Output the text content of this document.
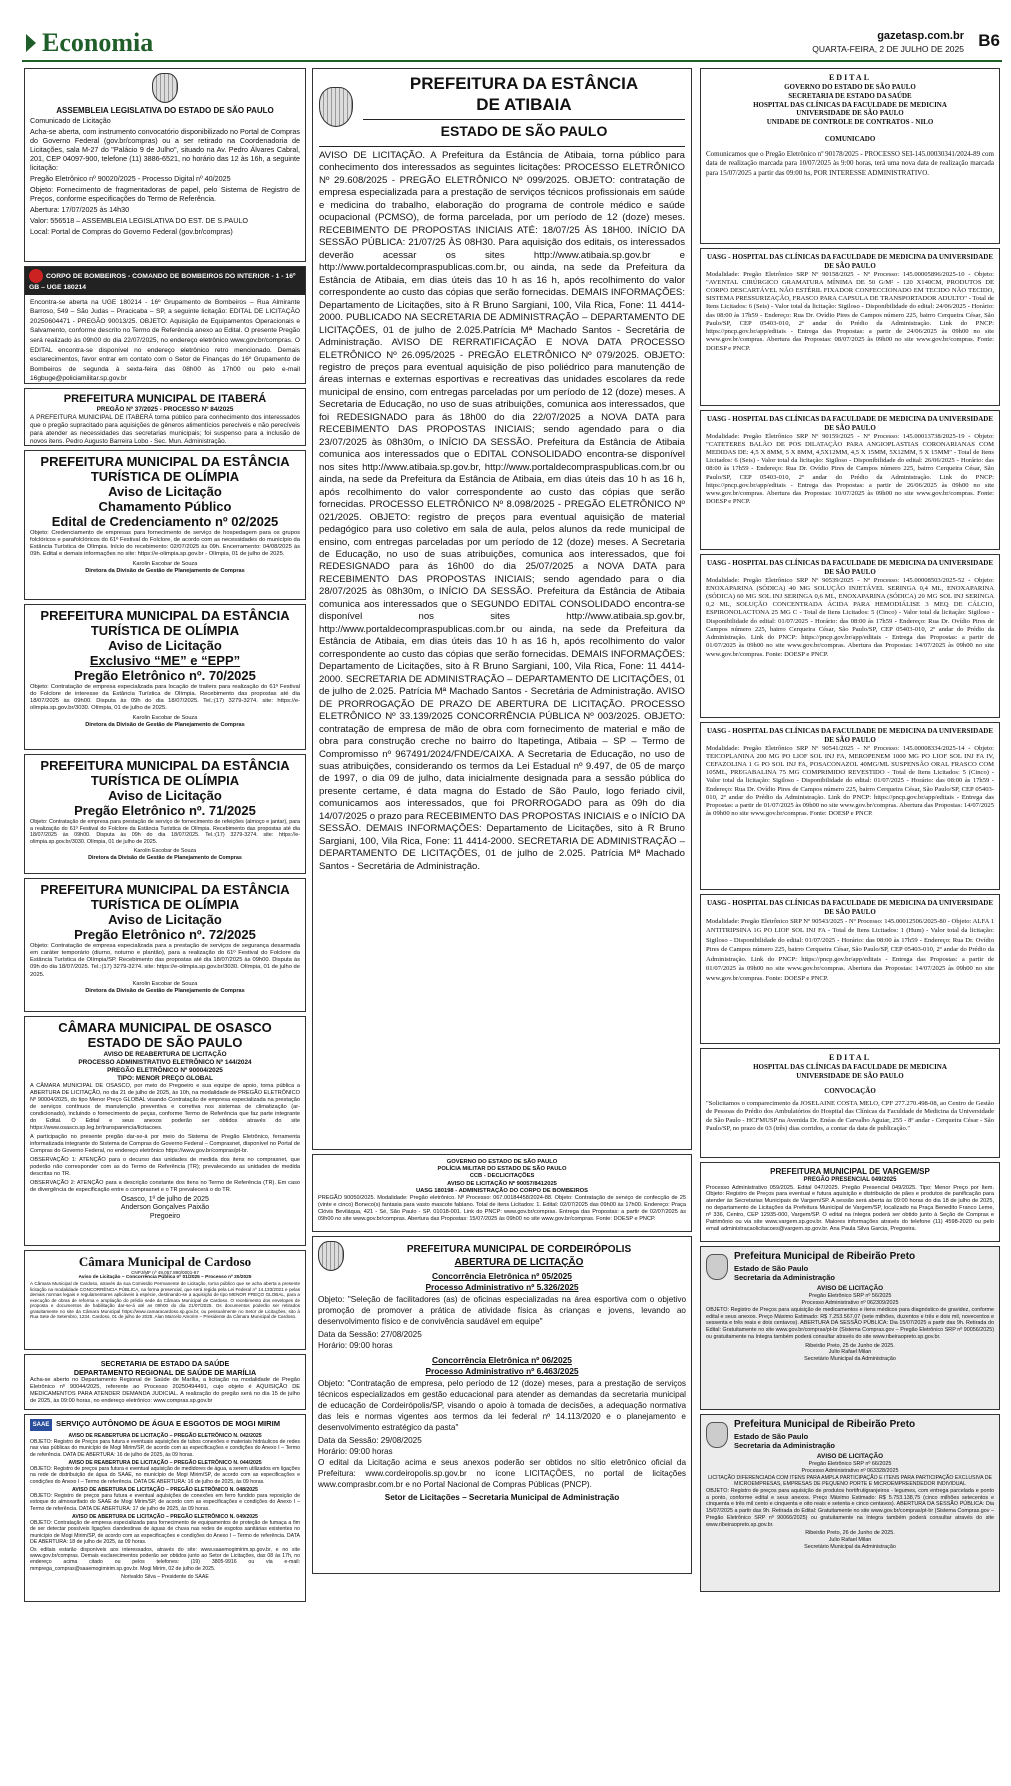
Economia	gazetasp.com.br
QUARTA-FEIRA, 2 DE JULHO DE 2025 B6
ASSEMBLEIA LEGISLATIVA DO ESTADO DE SÃO PAULO

Comunicado de Licitação

Acha-se aberta, com instrumento convocatório disponibilizado no Portal de Compras do Governo Federal (gov.br/compras) ou a ser retirado na Coordenadoria de Licitações, sala M-27 do "Palácio 9 de Julho", situado na Av. Pedro Álvares Cabral, 201, CEP 04097-900, telefone (11) 3886-6521, no horário das 12 às 16h, a seguinte licitação:

Pregão Eletrônico nº 90020/2025 - Processo Digital nº 40/2025

Objeto: Fornecimento de fragmentadoras de papel, pelo Sistema de Registro de Preços, conforme especificações do Termo de Referência.

Abertura: 17/07/2025 às 14h30

Valor: 556518 – ASSEMBLEIA LEGISLATIVA DO EST. DE S.PAULO

Local: Portal de Compras do Governo Federal (gov.br/compras)

CORPO DE BOMBEIROS - COMANDO DE BOMBEIROS DO INTERIOR - 1 - 16º GB – UGE 180214

Encontra-se aberta na UGE 180214 - 16º Grupamento de Bombeiros – Rua Almirante Barroso, 549 – São Judas – Piracicaba – SP, a seguinte licitação: EDITAL DE LICITAÇÃO 20250604471 - PREGÃO 90013/25. OBJETO: Aquisição de Equipamentos Operacionais e Salvamento, conforme descrito no Termo de Referência anexo ao Edital. O presente Pregão será realizado às 09h00 do dia 22/07/2025, no endereço eletrônico www.gov.br/compras. O EDITAL encontra-se disponível no endereço eletrônico retro mencionado. Demais esclarecimentos, favor entrar em contato com o Setor de Finanças do 16º Grupamento de Bombeiros de segunda à sexta-feira das 08h00 às 17h00 ou pelo e-mail 16gbuge@policiamilitar.sp.gov.br

PREFEITURA MUNICIPAL DE ITABERÁ
PREGÃO Nº 37/2025 - PROCESSO Nº 84/2025

A PREFEITURA MUNICIPAL DE ITABERÁ torna público para conhecimento dos interessados que o pregão supracitado para aquisições de gêneros alimentícios perecíveis e não perecíveis para atender as necessidades das secretarias municipais; foi suspenso para a inclusão de novos itens. Pedro Augusto Barreira Lobo - Sec. Mun. Administração.

PREFEITURA MUNICIPAL DA ESTÂNCIA TURÍSTICA DE OLÍMPIA
Aviso de Licitação
Chamamento Público
Edital de Credenciamento nº 02/2025

Objeto: Credenciamento de empresas para fornecimento de serviço de hospedagem para os grupos folclóricos e parafolclóricos do 61º Festival do Folclore, de acordo com as necessidades do município da Estância Turística de Olímpia. Início do recebimento: 02/07/2025 às 09h. Encerramento: 04/08/2025 às 09h. Edital e demais informações no site: https://e-olimpia.sp.gov.br - Olímpia, 01 de julho de 2025.

Karolin Escobar de Souza
Diretora da Divisão de Gestão de Planejamento de Compras
PREFEITURA MUNICIPAL DA ESTÂNCIA TURÍSTICA DE OLÍMPIA
Aviso de Licitação
Exclusivo “ME” e “EPP”
Pregão Eletrônico nº. 70/2025

Objeto: Contratação de empresa especializada para locação de trailers para realização do 61º Festival do Folclore de interesse da Estância Turística de Olímpia. Recebimento das propostas até dia 18/07/2025 às 09h00. Disputa às 09h do dia 18/07/2025. Tel.:(17) 3279-3274. site: https://e-olimpia.sp.gov.br/3030. Olímpia, 01 de julho de 2025.

Karolin Escobar de Souza
Diretora da Divisão de Gestão de Planejamento de Compras
PREFEITURA MUNICIPAL DA ESTÂNCIA TURÍSTICA DE OLÍMPIA
Aviso de Licitação
Pregão Eletrônico nº. 71/2025

Objeto: Contratação de empresa para prestação de serviço de fornecimento de refeições (almoço e jantar), para a realização do 61º Festival do Folclore da Estância Turística de Olímpia. Recebimento das propostas até dia 18/07/2025 às 09h00. Disputa às 09h do dia 18/07/2025. Tel.:(17) 3279-3274. site: https://e-olimpia.sp.gov.br/3030. Olímpia, 01 de julho de 2025.

Karolin Escobar de Souza
Diretora da Divisão de Gestão de Planejamento de Compras
PREFEITURA MUNICIPAL DA ESTÂNCIA TURÍSTICA DE OLÍMPIA
Aviso de Licitação
Pregão Eletrônico nº. 72/2025

Objeto: Contratação de empresa especializada para a prestação de serviços de segurança desarmada em caráter temporário (diurno, noturno e plantão), para a realização do 61º Festival do Folclore da Estância Turística de Olímpia/SP. Recebimento das propostas até dia 18/07/2025 às 09h00. Disputa às 09h do dia 18/07/2025. Tel.:(17) 3279-3274. site: https://e-olimpia.sp.gov.br/3030. Olímpia, 01 de julho de 2025.

Karolin Escobar de Souza
Diretora da Divisão de Gestão de Planejamento de Compras
CÂMARA MUNICIPAL DE OSASCO
ESTADO DE SÃO PAULO
AVISO DE REABERTURA DE LICITAÇÃO
PROCESSO ADMINISTRATIVO ELETRÔNICO Nº 144/2024
PREGÃO ELETRÔNICO Nº 90004/2025
TIPO: MENOR PREÇO GLOBAL

A CÂMARA MUNICIPAL DE OSASCO, por meio do Pregoeiro e sua equipe de apoio, torna pública a ABERTURA DE LICITAÇÃO, no dia 21 de julho de 2025, às 10h, na modalidade de PREGÃO ELETRÔNICO Nº 90004/2025, do tipo Menor Preço GLOBAL visando Contratação de empresa especializada na prestação de serviços contínuos de manutenção preventiva e corretiva nos sistemas de climatização (ar-condicionado), incluindo o fornecimento de peças, conforme Termo de Referência que faz parte integrante do Edital. O Edital e seus anexos poderão ser obtidos através do site https://www.osasco.sp.leg.br/transparencia/licitacoes.

A participação no presente pregão dar-se-á por meio do Sistema de Pregão Eletrônico, ferramenta informatizada integrante do Sistema de Compras do Governo Federal – Comprasnet, disponível no Portal de Compras do Governo Federal, no endereço eletrônico https://www.gov.br/compras/pt-br.

OBSERVAÇÃO 1: ATENÇÃO para o decurso das unidades de medida dos itens no comprasnet, que poderão não corresponder com as do Termo de Referência (TR); prevalecendo as unidades de medida descritas no TR.

OBSERVAÇÃO 2: ATENÇÃO para a descrição constante dos itens no Termo de Referência (TR). Em caso de divergência de especificação entre o comprasnet e o TR prevalecerá o do TR.

Osasco, 1º de julho de 2025
Anderson Gonçalves Paixão
Pregoeiro
Câmara Municipal de Cardoso
CNPJ/MF nº 49.057.890/0001-67
Aviso de Licitação – Concorrência Pública nº 01/2025 – Processo nº 20/2025

A Câmara Municipal de Cardoso, através da sua Comissão Permanente de Licitação, torna público que se acha aberta a presente licitação na modalidade CONCORRÊNCIA PÚBLICA, na forma presencial, que será regida pela Lei Federal nº 14.133/2021 e pelas demais normas legais e regulamentares aplicáveis à espécie, destinando-se a aquisição de tipo MENOR PREÇO GLOBAL, para a execução de obras de reforma e ampliação do prédio sede da Câmara Municipal de Cardoso. O recebimento dos envelopes de proposta e documentos de habilitação dar-se-á até as 09h00 do dia 21/07/2025. Os documentos poderão ser retirados gratuitamente no site da Câmara Municipal https://www.camaracardoso.sp.gov.br, ou pessoalmente no Setor de Licitações, sito à Rua Sete de Setembro, 1234. Cardoso, 01 de julho de 2025. Alan Marcelo Amorim – Presidente da Câmara Municipal de Cardoso.

SECRETARIA DE ESTADO DA SAÚDE
DEPARTAMENTO REGIONAL DE SAÚDE DE MARÍLIA

Acha-se aberto no Departamento Regional de Saúde de Marília, a licitação na modalidade de Pregão Eletrônico nº 90044/2025, referente ao Processo 20250494491, cujo objeto é AQUISIÇÃO DE MEDICAMENTOS PARA ATENDER DEMANDA JUDICIAL. A realização do pregão será no dia 15 de julho de 2025, às 09:00 horas, no endereço eletrônico: www.compras.sp.gov.br

SAAE SERVIÇO AUTÔNOMO DE ÁGUA E ESGOTOS DE MOGI MIRIM
AVISO DE REABERTURA DE LICITAÇÃO – PREGÃO ELETRÔNICO N. 042/2025

OBJETO: Registro de Preços para futura e eventuais aquisições de tubos conexões e materiais hidráulicos de redes nas vias públicas do município de Mogi Mirim/SP, de acordo com as especificações e condições do Anexo I – Termo de referência. DATA DE ABERTURA: 16 de julho de 2025, às 09 horas.

AVISO DE REABERTURA DE LICITAÇÃO – PREGÃO ELETRÔNICO N. 044/2025

OBJETO: Registro de preços para futura e eventual aquisição de medidores de água, a serem utilizados em ligações na rede de distribuição de água do SAAE, no município de Mogi Mirim/SP, de acordo com as especificações e condições do Anexo I – Termo de referência. DATA DE ABERTURA: 16 de julho de 2025, às 09 horas.

AVISO DE ABERTURA DE LICITAÇÃO – PREGÃO ELETRÔNICO N. 048/2025

OBJETO: Registro de preços para futura e eventual aquisições de conexões em ferro fundido para reposição de estoque do almoxarifado do SAAE de Mogi Mirim/SP, de acordo com as especificações e condições do Anexo I – Termo de referência. DATA DE ABERTURA: 17 de julho de 2025, às 09 horas.

AVISO DE ABERTURA DE LICITAÇÃO – PREGÃO ELETRÔNICO N. 049/2025

OBJETO: Contratação de empresa especializada para fornecimento de equipamentos de proteção de fumaça a fim de ser detectar possíveis ligações clandestinas de águas de chuva nas redes de esgotos sanitárias existentes no município de Mogi Mirim/SP, de acordo com as especificações e condições do Anexo I – Termo de referência. DATA DE ABERTURA: 18 de julho de 2025, às 09 horas.

Os editais estarão disponíveis aos interessados, através do site: www.saaemogimirim.sp.gov.br, e no site www.gov.br/compras. Demais esclarecimentos poderão ser obtidos junto ao Setor de Licitações, das 08 às 17h, no endereço acima citado ou pelos telefones: (19) 3805-9916 ou via e-mail: mmprega_compras@saaemogimirim.sp.gov.br. Mogi Mirim, 02 de julho de 2025.

Norivaldo Silva – Presidente do SAAE
PREFEITURA DA ESTÂNCIA
DE ATIBAIA
ESTADO DE SÃO PAULO

AVISO DE LICITAÇÃO. A Prefeitura da Estância de Atibaia, torna público para conhecimento dos interessados as seguintes licitações: PROCESSO ELETRÔNICO Nº 29.608/2025 - PREGÃO ELETRÔNICO Nº 099/2025. OBJETO: contratação de empresa especializada para a prestação de serviços técnicos profissionais em saúde e medicina do trabalho, elaboração do programa de controle médico e saúde ocupacional (PCMSO), de forma parcelada, por um período de 12 (doze) meses. RECEBIMENTO DE PROPOSTAS INICIAIS ATÉ: 18/07/25 ÀS 18H00. INÍCIO DA SESSÃO PÚBLICA: 21/07/25 ÀS 08H30. Para aquisição dos editais, os interessados deverão acessar os sites http://www.atibaia.sp.gov.br e http://www.portaldecompraspublicas.com.br, ou ainda, na sede da Prefeitura da Estância de Atibaia, em dias úteis das 10 h as 16 h, após recolhimento do valor correspondente ao custo das cópias que serão fornecidas. DEMAIS INFORMAÇÕES: Departamento de Licitações, sito à R Bruno Sargiani, 100, Vila Rica, Fone: 11 4414-2000. PUBLICADO NA SECRETARIA DE ADMINISTRAÇÃO – DEPARTAMENTO DE LICITAÇÕES, 01 de julho de 2.025.Patrícia Mª Machado Santos - Secretária de Administração. AVISO DE RERRATIFICAÇÃO E NOVA DATA PROCESSO ELETRÔNICO Nº 26.095/2025 - PREGÃO ELETRÔNICO Nº 079/2025. OBJETO: registro de preços para eventual aquisição de piso poliédrico para manutenção de áreas internas e externas esportivas e recreativas das unidades escolares da rede municipal de ensino, com entregas parceladas por um período de 12 (doze) meses. A Secretaria de Educação, no uso de suas atribuições, comunica aos interessados, que foi REDESIGNADO para ás 18h00 do dia 22/07/2025 a NOVA DATA para RECEBIMENTO DAS PROPOSTAS INICIAIS; sendo agendado para o dia 23/07/2025 às 08h30m, o INÍCIO DA SESSÃO. Prefeitura da Estância de Atibaia comunica aos interessados que o EDITAL CONSOLIDADO encontra-se disponível nos sites http://www.atibaia.sp.gov.br, http://www.portaldecompraspublicas.com.br ou ainda, na sede da Prefeitura da Estância de Atibaia, em dias úteis das 10 h as 16 h, após recolhimento do valor correspondente ao custo das cópias que serão fornecidas. PROCESSO ELETRÔNICO Nº 8.098/2025 - PREGÃO ELETRÔNICO Nº 021/2025. OBJETO: registro de preços para eventual aquisição de material pedagógico para uso coletivo em sala de aula, pelos alunos da rede municipal de ensino, com entregas parceladas por um período de 12 (doze) meses. A Secretaria de Educação, no uso de suas atribuições, comunica aos interessados, que foi REDESIGNADO para ás 16h00 do dia 25/07/2025 a NOVA DATA para RECEBIMENTO DAS PROPOSTAS INICIAIS; sendo agendado para o dia 28/07/2025 às 08h30m, o INÍCIO DA SESSÃO. Prefeitura da Estância de Atibaia comunica aos interessados que o SEGUNDO EDITAL CONSOLIDADO encontra-se disponível nos sites http://www.atibaia.sp.gov.br, http://www.portaldecompraspublicas.com.br ou ainda, na sede da Prefeitura da Estância de Atibaia, em dias úteis das 10 h as 16 h, após recolhimento do valor correspondente ao custo das cópias que serão fornecidas. DEMAIS INFORMAÇÕES: Departamento de Licitações, sito à R Bruno Sargiani, 100, Vila Rica, Fone: 11 4414-2000. SECRETARIA DE ADMINISTRAÇÃO – DEPARTAMENTO DE LICITAÇÕES, 01 de julho de 2.025. Patrícia Mª Machado Santos - Secretária de Administração. AVISO DE PRORROGAÇÃO DE PRAZO DE ABERTURA DE LICITAÇÃO. PROCESSO ELETRÔNICO Nº 33.139/2025 CONCORRÊNCIA PÚBLICA Nº 003/2025. OBJETO: contratação de empresa de mão de obra com fornecimento de material e mão de obra para construção creche no bairro do Itapetinga, Atibaia – SP – Termo de Compromisso nº 967491/2024/FNDE/CAIXA. A Secretaria de Educação, no uso de suas atribuições, considerando os termos da Lei Estadual nº 9.497, de 05 de março de 1997, o dia 09 de julho, data inicialmente designada para a sessão pública do presente certame, é data magna do Estado de São Paulo, logo feriado civil, comunicamos aos interessados, que foi PRORROGADO para as 09h do dia 14/07/2025 o prazo para RECEBIMENTO DAS PROPOSTAS INICIAIS e o INÍCIO DA SESSÃO. DEMAIS INFORMAÇÕES: Departamento de Licitações, sito à R Bruno Sargiani, 100, Vila Rica, Fone: 11 4414-2000. SECRETARIA DE ADMINISTRAÇÃO – DEPARTAMENTO DE LICITAÇÕES, 01 de julho de 2.025. Patrícia Mª Machado Santos - Secretária de Administração.

GOVERNO DO ESTADO DE SÃO PAULO
POLÍCIA MILITAR DO ESTADO DE SÃO PAULO
CCB - DECLICITAÇÕES
AVISO DE LICITAÇÃO Nº 90057/8412025
UASG 180198 - ADMINISTRAÇÃO DO CORPO DE BOMBEIROS

PREGÃO 90050/2025. Modalidade: Pregão eletrônico. Nº Processo: 067.00184458/2024-88. Objeto: Contratação de serviço de confecção de 25 (vinte e cinco) Boneco(s) fantasia para vasto mascote fabiano. Total de itens Licitados: 1. Edital: 02/07/2025 das 09h00 às 17h00. Endereço: Praça Clóvis Beviláqua, 421 - Sé, São Paulo - SP. 01018-001. Link do PNCP: www.gov.br/compras. Entrega das Propostas: a partir de 02/07/2025 às 09h00 no site www.gov.br/compras. Abertura das Propostas: 15/07/2025 às 09h00 no site www.gov.br/compras. Fonte: DOESP e PNCP.

PREFEITURA MUNICIPAL DE CORDEIRÓPOLIS
ABERTURA DE LICITAÇÃO
Concorrência Eletrônica nº 05/2025
Processo Administrativo nº 5.326/2025

Objeto: "Seleção de facilitadores (as) de oficinas especializadas na área esportiva com o objetivo promoção de promover a prática de atividade física às crianças e jovens, levando ao desenvolvimento físico e de convivência saudável em equipe"

Data da Sessão: 27/08/2025
Horário: 09:00 horas
Concorrência Eletrônica nº 06/2025
Processo Administrativo nº 6.463/2025

Objeto: "Contratação de empresa, pelo período de 12 (doze) meses, para a prestação de serviços técnicos especializados em gestão educacional para atender as demandas da secretaria municipal de educação de Cordeirópolis/SP, visando o apoio à tomada de decisões, a adequação normativa das leis e normas vigentes aos termos da lei federal nº 14.113/2020 e o planejamento e desenvolvimento estratégico da pasta"

Data da Sessão: 29/08/2025
Horário: 09:00 horas

O edital da Licitação acima e seus anexos poderão ser obtidos no sítio eletrônico oficial da Prefeitura: www.cordeiropolis.sp.gov.br no ícone LICITAÇÕES, no portal de licitações www.comprasbr.com.br e no Portal Nacional de Compras Públicas (PNCP).

Setor de Licitações – Secretaria Municipal de Administração
EDITAL
GOVERNO DO ESTADO DE SÃO PAULO
SECRETARIA DE ESTADO DA SAÚDE
HOSPITAL DAS CLÍNICAS DA FACULDADE DE MEDICINA
UNIVERSIDADE DE SÃO PAULO
UNIDADE DE CONTROLE DE CONTRATOS - NILO
COMUNICADO

Comunicamos que o Pregão Eletrônico nº 90178/2025 - PROCESSO SEI-145.00030341/2024-89 com data de realização marcada para 10/07/2025 às 9:00 horas, terá uma nova data de realização marcada para 15/07/2025 a partir das 09:00 hs, POR INTERESSE ADMINISTRATIVO.

UASG - HOSPITAL DAS CLÍNICAS DA FACULDADE DE MEDICINA DA UNIVERSIDADE DE SÃO PAULO

Modalidade: Pregão Eletrônico SRP Nº 90158/2025 - Nº Processo: 145.00005896/2025-10 - Objeto: "AVENTAL CIRÚRGICO GRAMATURA MÍNIMA DE 50 G/M² - 120 X140CM, PRODUTOS DE CORPO DESCARTÁVEL NÃO ESTÉRIL FIXADOR CONFECCIONADO EM TECIDO NÃO TECIDO, SISTEMA PRESSURIZAÇÃO, FRASCO PARA CAPSULA DE TRANSPORTADOR ADULTO" - Total de Itens Licitados: 6 (Seis) - Valor total da licitação: Sigiloso - Disponibilidade do edital: 24/06/2025 - Horário: das 08:00 às 17h59 - Endereço: Rua Dr. Ovídio Pires de Campos número 225, bairro Cerqueira César, São Paulo/SP, CEP 05403-010, 2º andar do Prédio da Administração. Link do PNCP: https://pncp.gov.br/app/editais - Entrega das Propostas: a partir de 24/06/2025 às 09h00 no site www.gov.br/compras. Abertura das Propostas: 08/07/2025 às 09h00 no site www.gov.br/compras. Fonte: DOESP e PNCP.

UASG - HOSPITAL DAS CLÍNICAS DA FACULDADE DE MEDICINA DA UNIVERSIDADE DE SÃO PAULO

Modalidade: Pregão Eletrônico SRP Nº 90159/2025 - Nº Processo: 145.00013738/2025-19 - Objeto: "CATETERES BALÃO DE POS DILATAÇÃO PARA ANGIOPLASTIAS CORONARIANAS COM MEDIDAS DE: 4,5 X 8MM, 5 X 8MM, 4,5X12MM, 4,5 X 15MM, 5X12MM, 5 X 15MM" - Total de Itens Licitados: 6 (Seis) - Valor total da licitação: Sigiloso - Disponibilidade do edital: 26/06/2025 - Horário: das 08:00 às 17h59 - Endereço: Rua Dr. Ovídio Pires de Campos número 225, bairro Cerqueira César, São Paulo/SP, CEP 05403-010, 2º andar do Prédio da Administração. Link do PNCP: https://pncp.gov.br/app/editais - Entrega das Propostas: a partir de 26/06/2025 às 09h00 no site www.gov.br/compras. Abertura das Propostas: 10/07/2025 às 09h00 no site www.gov.br/compras. Fonte: DOESP e PNCP.

UASG - HOSPITAL DAS CLÍNICAS DA FACULDADE DE MEDICINA DA UNIVERSIDADE DE SÃO PAULO

Modalidade: Pregão Eletrônico SRP Nº 90539/2025 - Nº Processo: 145.00008503/2025-52 - Objeto: ENOXAPARINA (SÓDICA) 40 MG SOLUÇÃO INJETÁVEL SERINGA 0,4 ML, ENOXAPARINA (SÓDICA) 60 MG SOL INJ SERINGA 0,6 ML, ENOXAPARINA (SÓDICA) 20 MG SOL INJ SERINGA 0,2 ML, SOLUÇÃO CONCENTRADA ÁCIDA PARA HEMODIÁLISE 3 MEQ DE CÁLCIO, ESPIRONOLACTONA 25 MG C - Total de Itens Licitados: 5 (Cinco) - Valor total da licitação: Sigiloso - Disponibilidade do edital: 01/07/2025 - Horário: das 08:00 às 17h59 - Endereço: Rua Dr. Ovídio Pires de Campos número 225, bairro Cerqueira César, São Paulo/SP, CEP 05403-010, 2º andar do Prédio da Administração. Link do PNCP: https://pncp.gov.br/app/editais - Entrega das Propostas: a partir de 01/07/2025 às 09h00 no site www.gov.br/compras. Abertura das Propostas: 14/07/2025 às 09h00 no site www.gov.br/compras. Fonte: DOESP e PNCP.

UASG - HOSPITAL DAS CLÍNICAS DA FACULDADE DE MEDICINA DA UNIVERSIDADE DE SÃO PAULO

Modalidade: Pregão Eletrônico SRP Nº 90541/2025 - Nº Processo: 145.00008334/2025-14 - Objeto: TEICOPLANINA 200 MG PO LIOF SOL INJ FA, MEROPENEM 1000 MG PO LIOF SOL INJ FA IV, CEFAZOLINA 1 G PO SOL INJ FA, POSACONAZOL 40MG/ML SUSPENSÃO ORAL FRASCO COM 105ML, PREGABALINA 75 MG COMPRIMIDO REVESTIDO - Total de Itens Licitados: 5 (Cinco) - Valor total da licitação: Sigiloso - Disponibilidade do edital: 01/07/2025 - Horário: das 08:00 às 17h59 - Endereço: Rua Dr. Ovídio Pires de Campos número 225, bairro Cerqueira César, São Paulo/SP, CEP 05403-010, 2º andar do Prédio da Administração. Link do PNCP: https://pncp.gov.br/app/editais - Entrega das Propostas: a partir de 01/07/2025 às 09h00 no site www.gov.br/compras. Abertura das Propostas: 14/07/2025 às 09h00 no site www.gov.br/compras. Fonte: DOESP e PNCP.

UASG - HOSPITAL DAS CLÍNICAS DA FACULDADE DE MEDICINA DA UNIVERSIDADE DE SÃO PAULO

Modalidade: Pregão Eletrônico SRP Nº 90543/2025 - Nº Processo: 145.00012506/2025-80 - Objeto: ALFA 1 ANTITRIPSINA 1G PO LIOF SOL INJ FA - Total de Itens Licitados: 1 (Hum) - Valor total da licitação: Sigiloso - Disponibilidade do edital: 01/07/2025 - Horário: das 08:00 às 17h59 - Endereço: Rua Dr. Ovídio Pires de Campos número 225, bairro Cerqueira César, São Paulo/SP, CEP 05403-010, 2º andar do Prédio da Administração. Link do PNCP: https://pncp.gov.br/app/editais - Entrega das Propostas: a partir de 01/07/2025 às 09h00 no site www.gov.br/compras. Abertura das Propostas: 14/07/2025 às 09h00 no site www.gov.br/compras. Fonte: DOESP e PNCP.

EDITAL
HOSPITAL DAS CLÍNICAS DA FACULDADE DE MEDICINA
UNIVERSIDADE DE SÃO PAULO
CONVOCAÇÃO

"Solicitamos o comparecimento da JOSELAINE COSTA MELO, CPF 277.270.498-08, ao Centro de Gestão de Pessoas do Prédio dos Ambulatórios do Hospital das Clínicas da Faculdade de Medicina da Universidade de São Paulo - HCFMUSP na Avenida Dr. Enéas de Carvalho Aguiar, 255 - 8º andar - Cerqueira César - São Paulo/SP, no prazo de 03 (três) dias corridos, a contar da data de publicação."

PREFEITURA MUNICIPAL DE VARGEM/SP
PREGÃO PRESENCIAL 049/2025

Processo Administrativo 059/2025. Edital 047/2025. Pregão Presencial 049/2025. Tipo: Menor Preço por Item. Objeto: Registro de Preços para eventual e futura aquisição e distribuição de pães e produtos de panificação para atender às Secretarias Municipais de Vargem/SP. A sessão será aberta às 09:00 horas do dia 18 de julho de 2025, no departamento de Licitações da Prefeitura Municipal de Vargem/SP, localizado na Praça Benedito Franco Leme, nº 336, Centro, CEP 12935-000, Vargem/SP. O edital na íntegra poderá ser obtido junto à Seção de Compras e Patrimônio ou via site www.vargem.sp.gov.br. Maiores informações através do telefone (11) 4598-2020 ou pelo email administracaolicitacoes@vargem.sp.gov.br. Ana Paula Silva Garcia, Pregoeira.

Prefeitura Municipal de Ribeirão Preto
Estado de São Paulo
Secretaria da Administração
AVISO DE LICITAÇÃO
Pregão Eletrônico SRP nº 56/2025
Processo Administrativo nº 062309/2025

OBJETO: Registro de Preços para aquisição de medicamentos e itens médicos para diagnóstico de gravidez, conforme edital e seus anexos. Preço Máximo Estimado: R$ 7.253.567,07 (sete milhões, duzentos e três e dois mil, novecentos e sessenta e três reais e dois centavos). ABERTURA DA SESSÃO PÚBLICA: Dia 15/07/2025 a partir das 9h. Retirada do Edital: Gratuitamente no site www.gov.br/compras/pt-br (Sistema Compras.gov – Pregão Eletrônico SRP nº 90056/2025) ou gratuitamente na íntegra também poderá consultar através do site www.ribeiraopreto.sp.gov.br.

Ribeirão Preto, 25 de Junho de 2025.
Julio Rafael Milan
Secretário Municipal da Administração
Prefeitura Municipal de Ribeirão Preto
Estado de São Paulo
Secretaria da Administração
AVISO DE LICITAÇÃO
Pregão Eletrônico SRP nº 66/2025
Processo Administrativo nº 063328/2025
LICITAÇÃO DIFERENCIADA COM ITENS PARA AMPLA PARTICIPAÇÃO E ITENS PARA PARTICIPAÇÃO EXCLUSIVA DE MICROEMPRESAS, EMPRESAS DE PEQUENO PORTE E MICROEMPREENDEDOR INDIVIDUAL

OBJETO: Registro de preços para aquisição de produtos hortifrutigranjeiros - legumes, com entrega parcelada e ponto a ponto, conforme edital e seus anexos. Preço Máximo Estimado: R$ 5.753.138,75 (cinco milhões setecentos e cinquenta e três mil cento e cinquenta e oito reais e setenta e cinco centavos). ABERTURA DA SESSÃO PÚBLICA: Dia 15/07/2025 a partir das 9h. Retirada do Edital: Gratuitamente no site www.gov.br/compras/pt-br (Sistema Compras.gov – Pregão Eletrônico SRP nº 90066/2025) ou gratuitamente na íntegra também poderá consultar através do site www.ribeiraopreto.sp.gov.br.

Ribeirão Preto, 26 de Junho de 2025.
Julio Rafael Milan
Secretário Municipal da Administração
